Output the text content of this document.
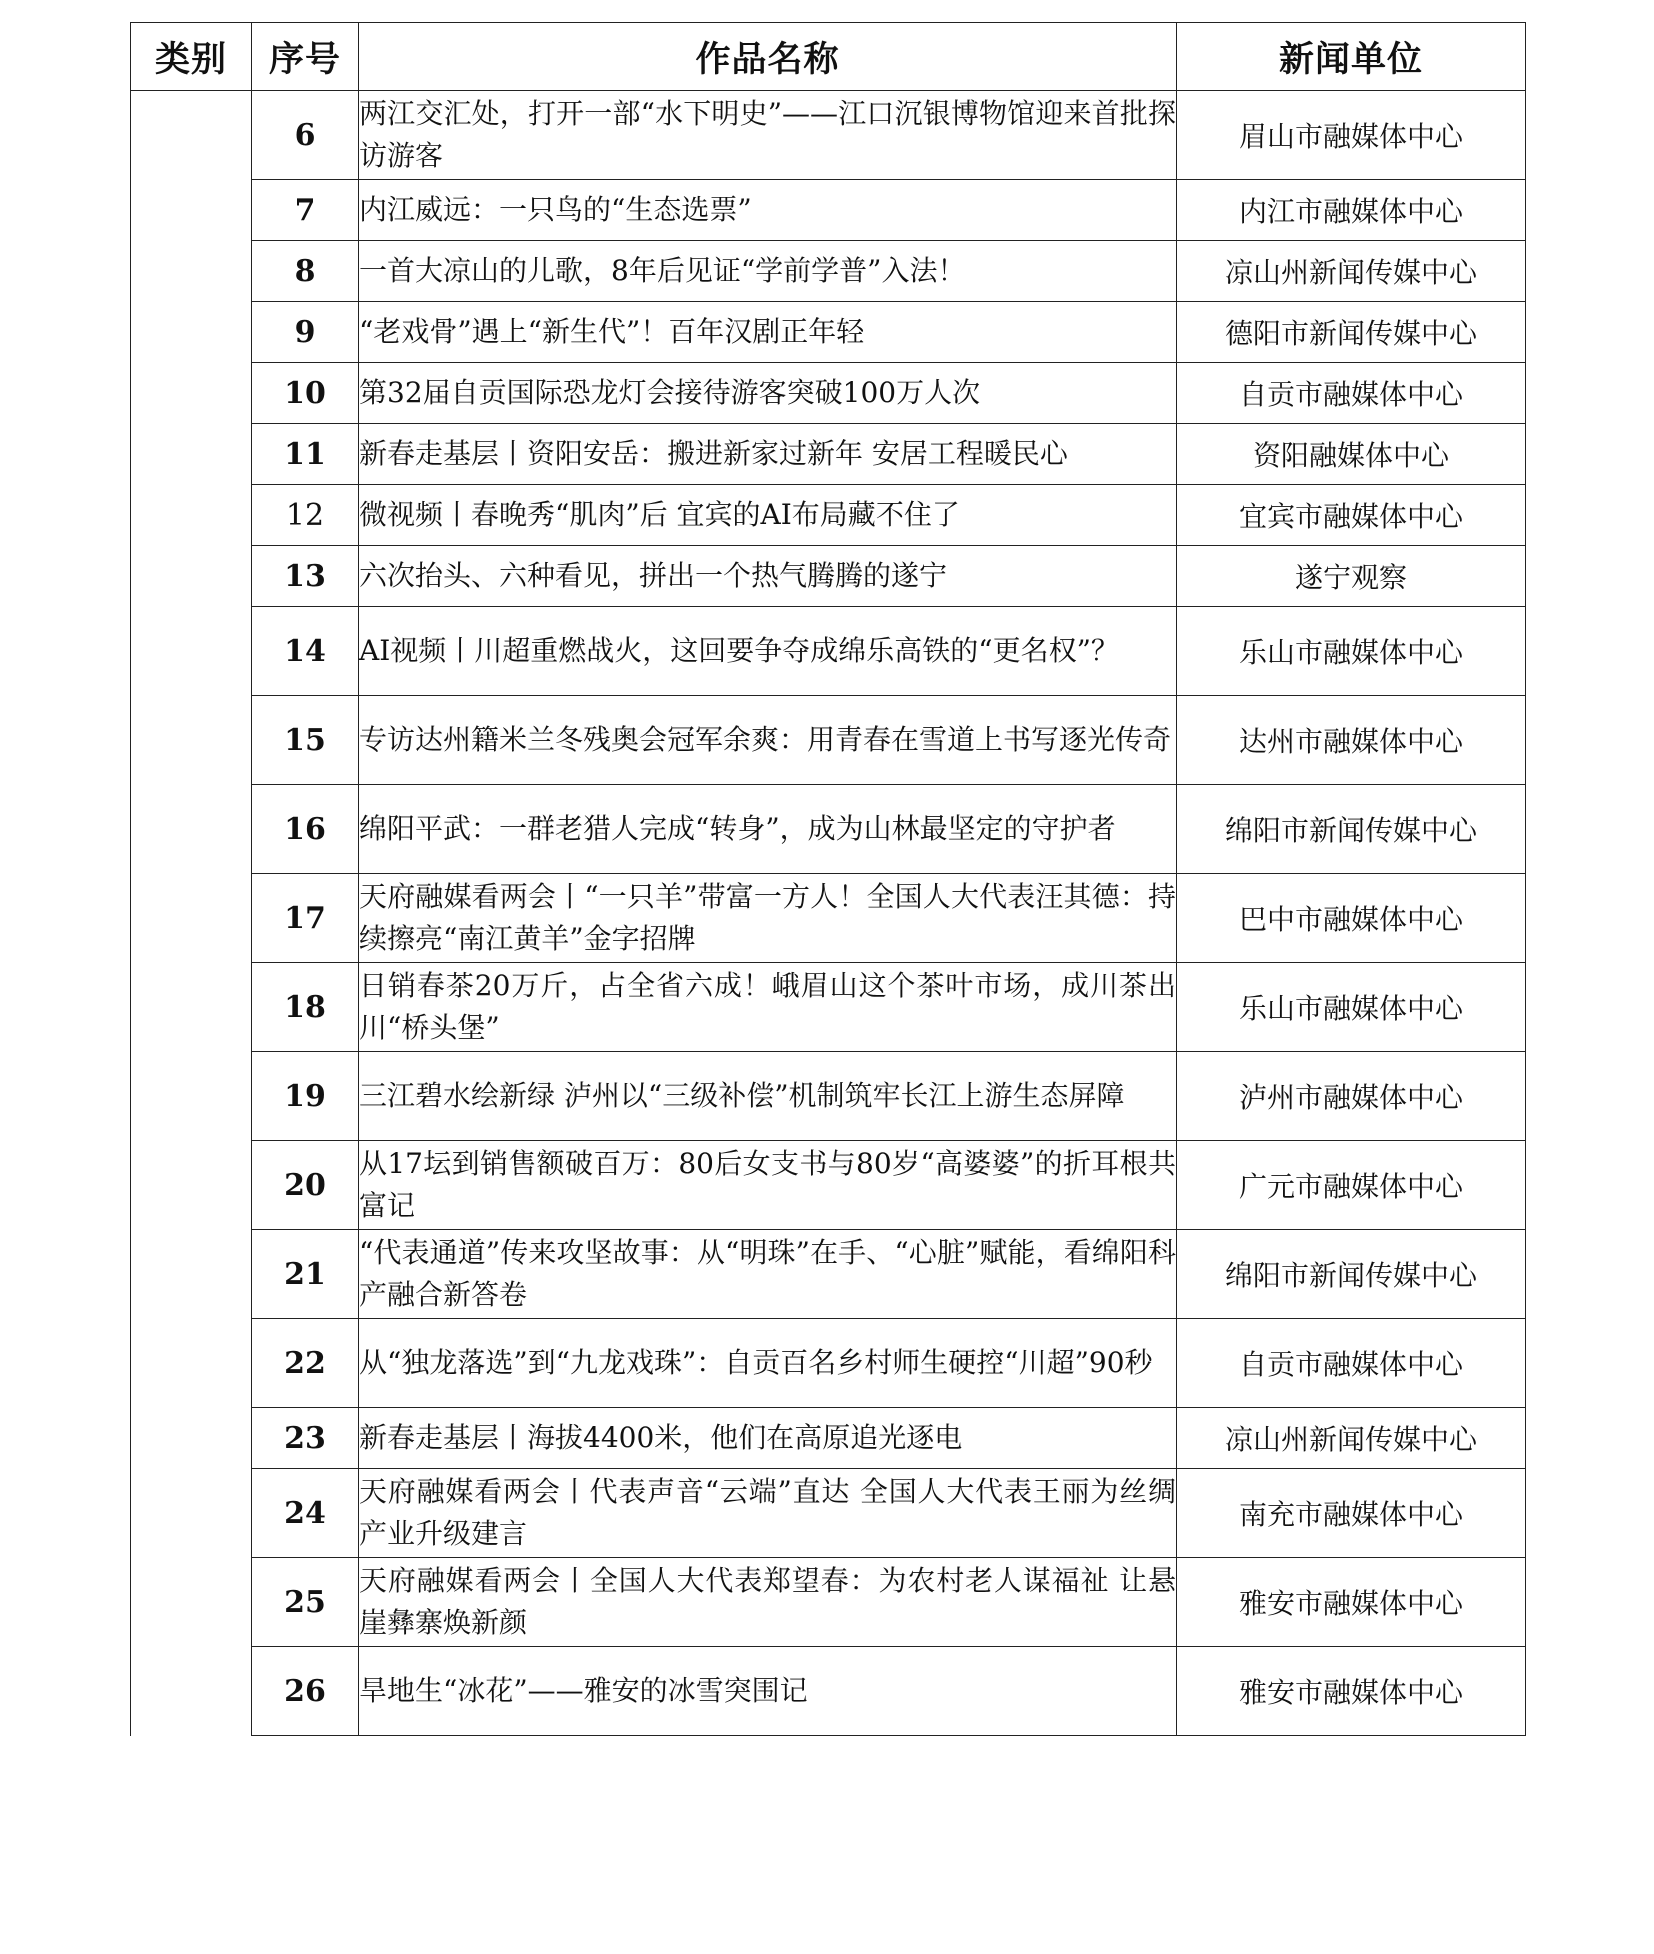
类别	序号	作品名称	新闻单位
	6	两江交汇处，打开一部“水下明史”——江口沉银博物馆迎来首批探访游客	眉山市融媒体中心
	7	内江威远：一只鸟的“生态选票”	内江市融媒体中心
	8	一首大凉山的儿歌，8年后见证“学前学普”入法！	凉山州新闻传媒中心
	9	“老戏骨”遇上“新生代”！百年汉剧正年轻	德阳市新闻传媒中心
	10	第32届自贡国际恐龙灯会接待游客突破100万人次	自贡市融媒体中心
	11	新春走基层丨资阳安岳：搬进新家过新年 安居工程暖民心	资阳融媒体中心
	12	微视频丨春晚秀“肌肉”后 宜宾的AI布局藏不住了	宜宾市融媒体中心
	13	六次抬头、六种看见，拼出一个热气腾腾的遂宁	遂宁观察
	14	AI视频丨川超重燃战火，这回要争夺成绵乐高铁的“更名权”？	乐山市融媒体中心
	15	专访达州籍米兰冬残奥会冠军余爽：用青春在雪道上书写逐光传奇	达州市融媒体中心
	16	绵阳平武：一群老猎人完成“转身”，成为山林最坚定的守护者	绵阳市新闻传媒中心
	17	天府融媒看两会丨“一只羊”带富一方人！全国人大代表汪其德：持续擦亮“南江黄羊”金字招牌	巴中市融媒体中心
	18	日销春茶20万斤，占全省六成！峨眉山这个茶叶市场，成川茶出川“桥头堡”	乐山市融媒体中心
	19	三江碧水绘新绿 泸州以“三级补偿”机制筑牢长江上游生态屏障	泸州市融媒体中心
	20	从17坛到销售额破百万：80后女支书与80岁“高婆婆”的折耳根共富记	广元市融媒体中心
	21	“代表通道”传来攻坚故事：从“明珠”在手、“心脏”赋能，看绵阳科产融合新答卷	绵阳市新闻传媒中心
	22	从“独龙落选”到“九龙戏珠”：自贡百名乡村师生硬控“川超”90秒	自贡市融媒体中心
	23	新春走基层丨海拔4400米，他们在高原追光逐电	凉山州新闻传媒中心
	24	天府融媒看两会丨代表声音“云端”直达 全国人大代表王丽为丝绸产业升级建言	南充市融媒体中心
	25	天府融媒看两会丨全国人大代表郑望春：为农村老人谋福祉 让悬崖彝寨焕新颜	雅安市融媒体中心
	26	旱地生“冰花”——雅安的冰雪突围记	雅安市融媒体中心
